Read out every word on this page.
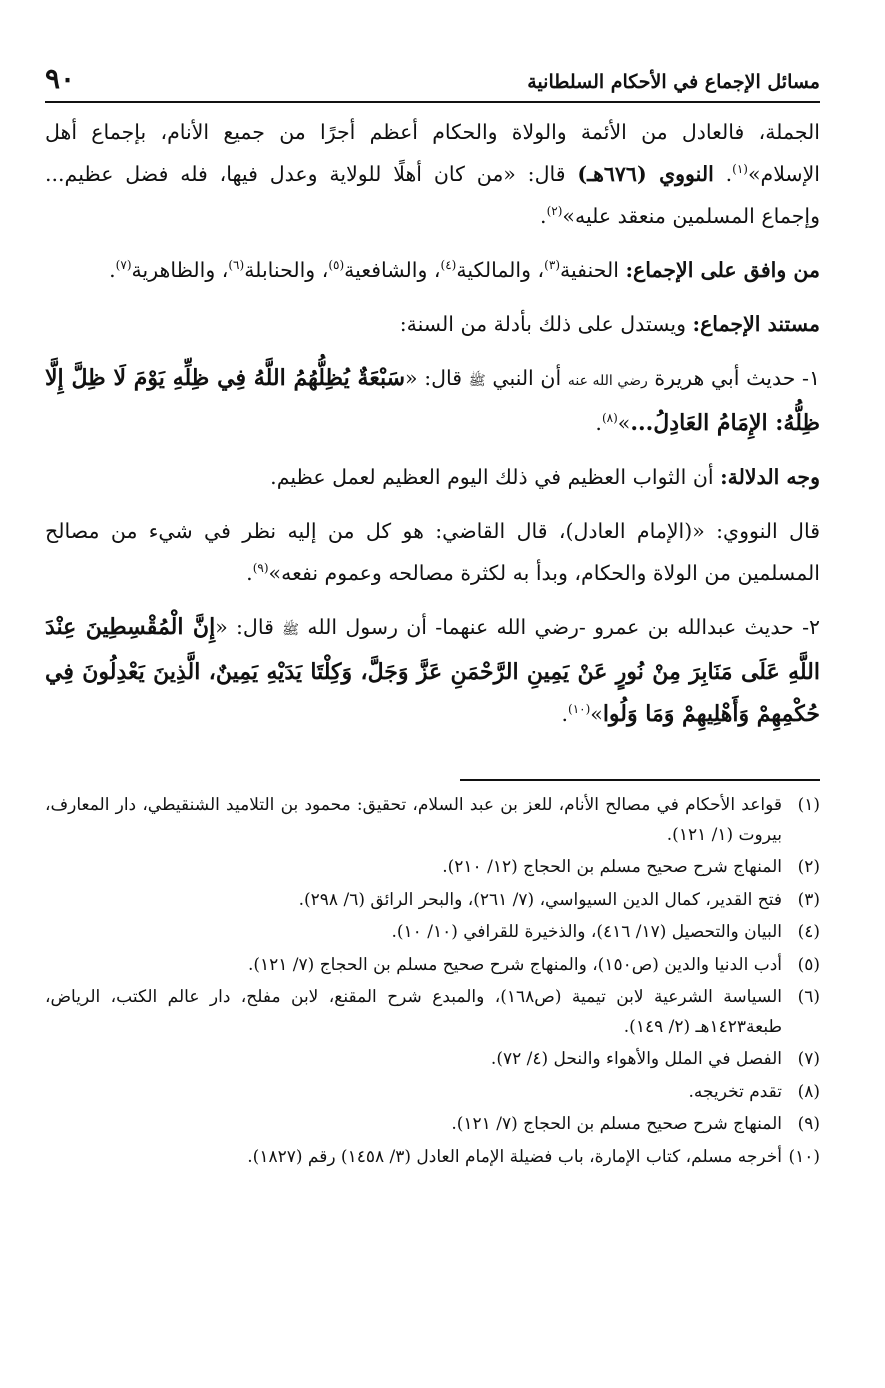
مسائل الإجماع في الأحكام السلطانية
٩٠

الجملة، فالعادل من الأئمة والولاة والحكام أعظم أجرًا من جميع الأنام، بإجماع أهل الإسلام»$^{(١)}$. النووي (٦٧٦هـ) قال: «من كان أهلًا للولاية وعدل فيها، فله فضل عظيم... وإجماع المسلمين منعقد عليه»$^{(٢)}$.

من وافق على الإجماع: الحنفية$^{(٣)}$، والمالكية$^{(٤)}$، والشافعية$^{(٥)}$، والحنابلة$^{(٦)}$، والظاهرية$^{(٧)}$.

مستند الإجماع: ويستدل على ذلك بأدلة من السنة:

١- حديث أبي هريرة رضي الله عنه أن النبي ﷺ قال: «سَبْعَةٌ يُظِلُّهُمُ اللَّهُ فِي ظِلِّهِ يَوْمَ لَا ظِلَّ إِلَّا ظِلُّهُ: الإِمَامُ العَادِلُ...»$^{(٨)}$.

وجه الدلالة: أن الثواب العظيم في ذلك اليوم العظيم لعمل عظيم.

قال النووي: «(الإمام العادل)، قال القاضي: هو كل من إليه نظر في شيء من مصالح المسلمين من الولاة والحكام، وبدأ به لكثرة مصالحه وعموم نفعه»$^{(٩)}$.

٢- حديث عبدالله بن عمرو -رضي الله عنهما- أن رسول الله ﷺ قال: «إِنَّ الْمُقْسِطِينَ عِنْدَ اللَّهِ عَلَى مَنَابِرَ مِنْ نُورٍ عَنْ يَمِينِ الرَّحْمَنِ عَزَّ وَجَلَّ، وَكِلْتَا يَدَيْهِ يَمِينٌ، الَّذِينَ يَعْدِلُونَ فِي حُكْمِهِمْ وَأَهْلِيهِمْ وَمَا وَلُوا»$^{(١٠)}$.

(١)
قواعد الأحكام في مصالح الأنام، للعز بن عبد السلام، تحقيق: محمود بن التلاميد الشنقيطي، دار المعارف، بيروت (١/ ١٢١).
(٢)
المنهاج شرح صحيح مسلم بن الحجاج (١٢/ ٢١٠).
(٣)
فتح القدير، كمال الدين السيواسي، (٧/ ٢٦١)، والبحر الرائق (٦/ ٢٩٨).
(٤)
البيان والتحصيل (١٧/ ٤١٦)، والذخيرة للقرافي (١٠/ ١٠).
(٥)
أدب الدنيا والدين (ص١٥٠)، والمنهاج شرح صحيح مسلم بن الحجاج (٧/ ١٢١).
(٦)
السياسة الشرعية لابن تيمية (ص١٦٨)، والمبدع شرح المقنع، لابن مفلح، دار عالم الكتب، الرياض، طبعة١٤٢٣هـ (٢/ ١٤٩).
(٧)
الفصل في الملل والأهواء والنحل (٤/ ٧٢).
(٨)
تقدم تخريجه.
(٩)
المنهاج شرح صحيح مسلم بن الحجاج (٧/ ١٢١).
(١٠)
أخرجه مسلم، كتاب الإمارة، باب فضيلة الإمام العادل (٣/ ١٤٥٨) رقم (١٨٢٧).
